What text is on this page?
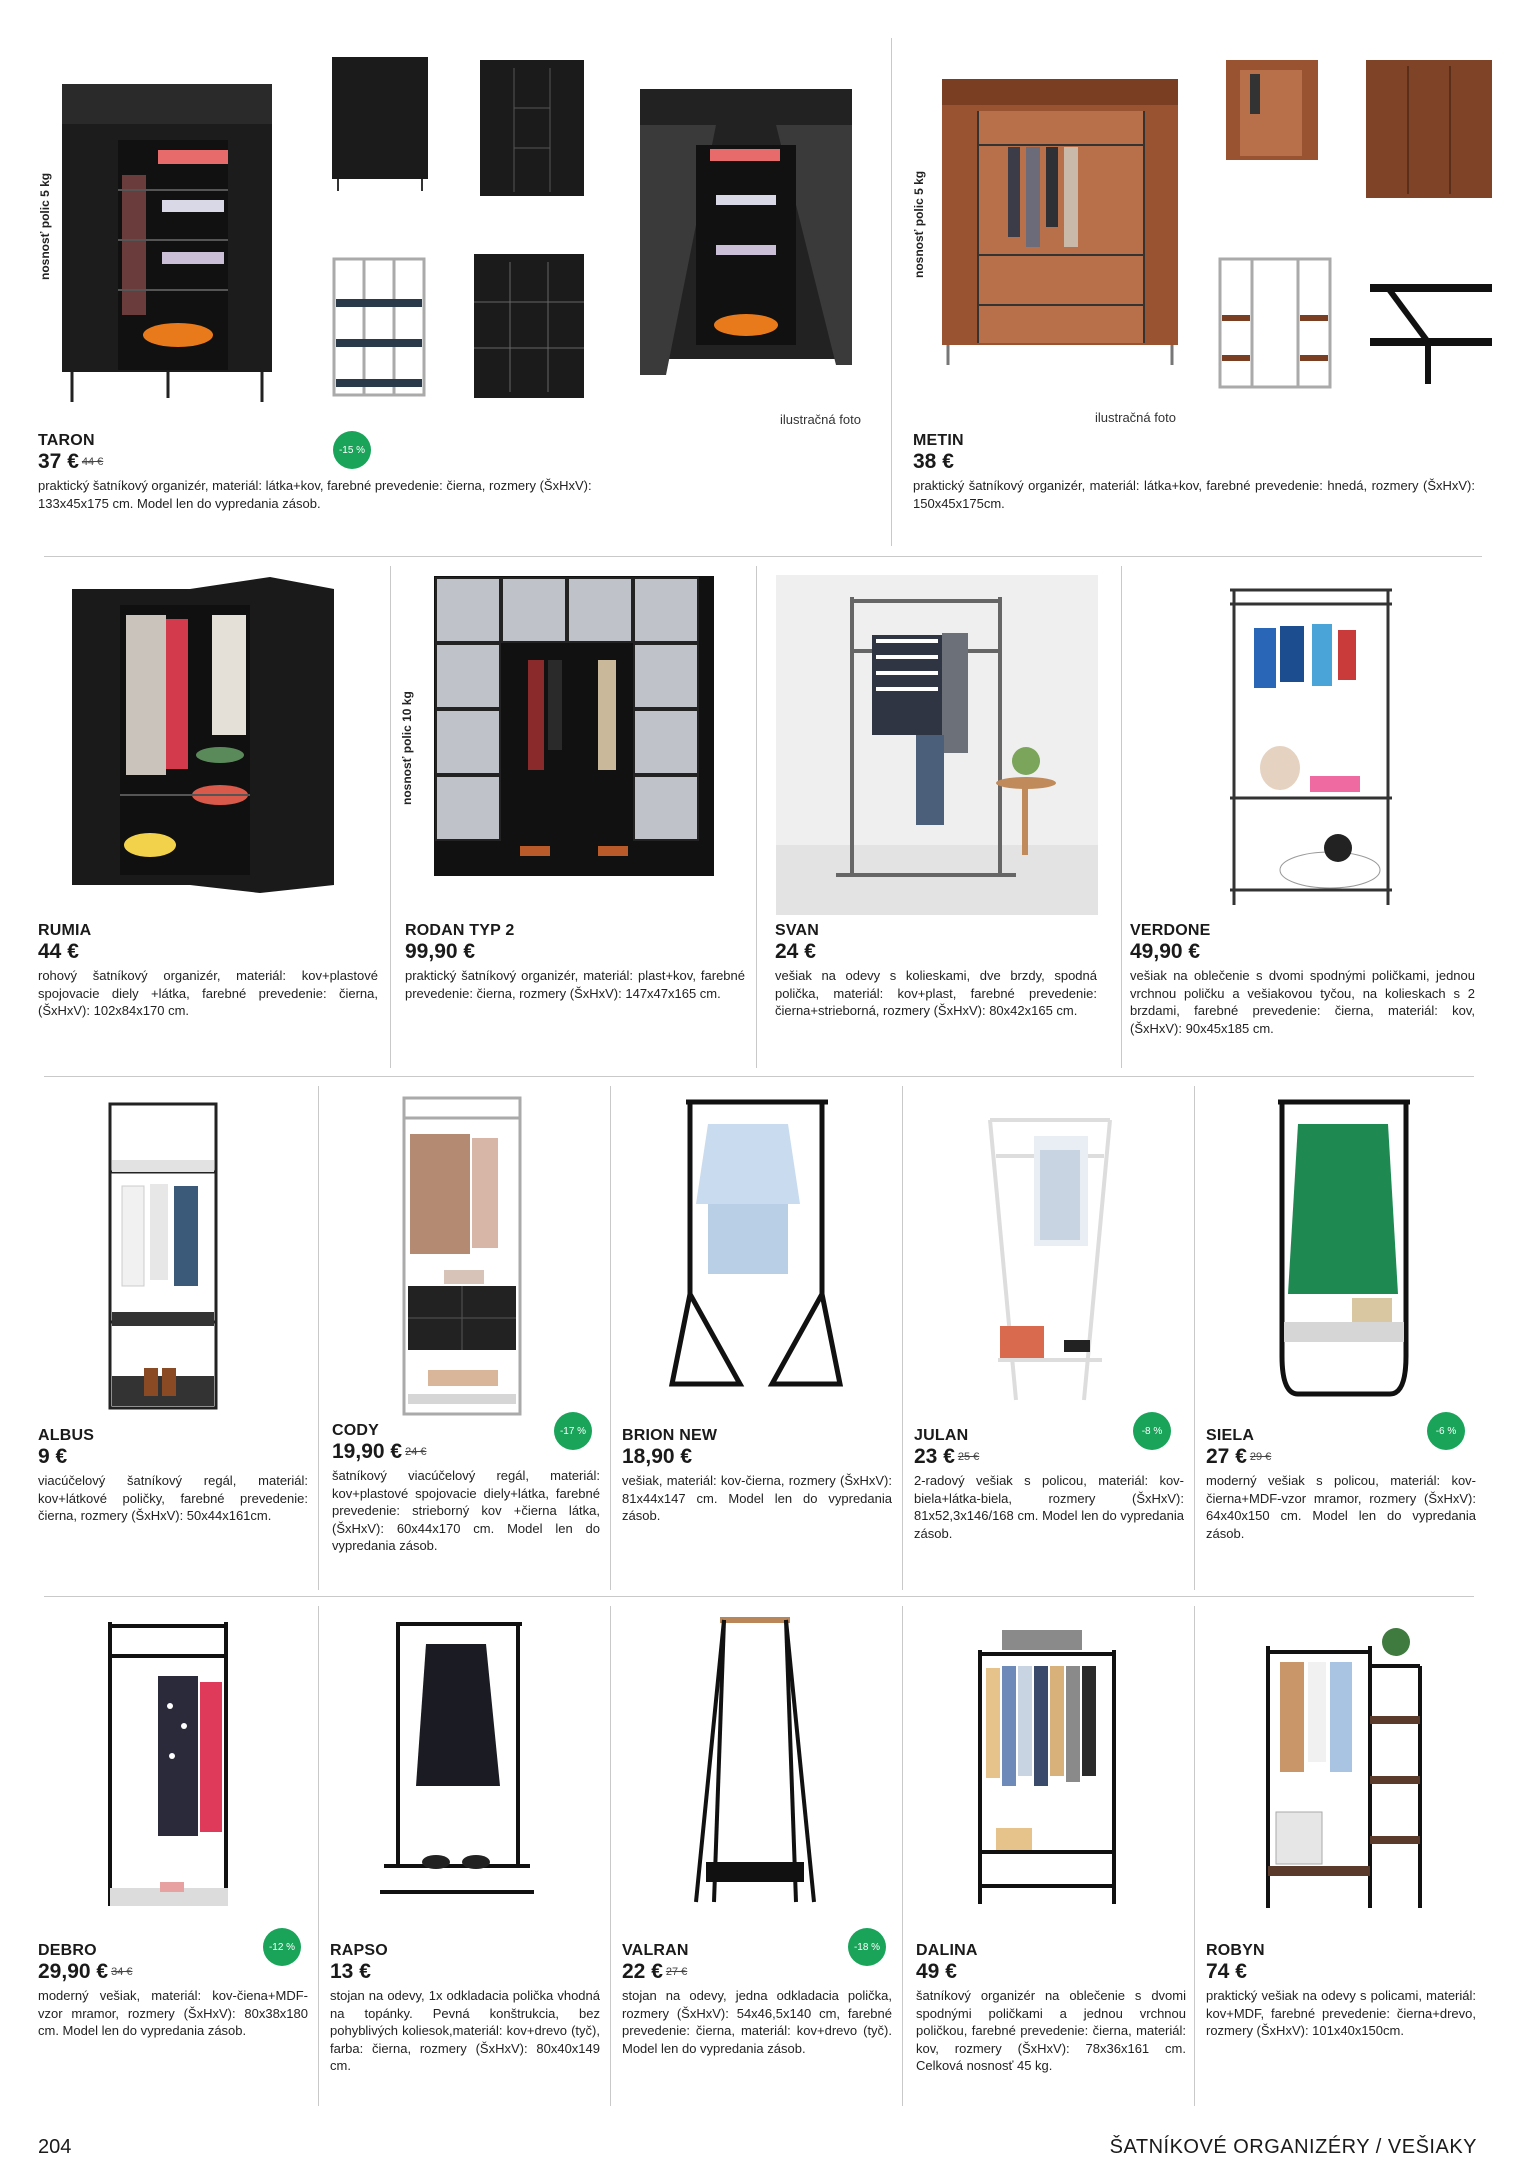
nosnosť polic 5 kg
ilustračná foto
-15 %
TARON
37 € 44 €
praktický šatníkový organizér, materiál: látka+kov, farebné prevedenie: čierna, rozmery (ŠxHxV): 133x45x175 cm. Model len do vypredania zásob.
nosnosť polic 5 kg
ilustračná foto
METIN
38 €
praktický šatníkový organizér, materiál: látka+kov, farebné prevedenie: hnedá, rozmery (ŠxHxV): 150x45x175cm.
nosnosť polic 10 kg
RUMIA
44 €
rohový šatníkový organizér, materiál: kov+plastové spojovacie diely +látka, farebné prevedenie: čierna, (ŠxHxV): 102x84x170 cm.
RODAN TYP 2
99,90 €
praktický šatníkový organizér, materiál: plast+kov, farebné prevedenie: čierna, rozmery (ŠxHxV): 147x47x165 cm.
SVAN
24 €
vešiak na odevy s kolieskami, dve brzdy, spodná polička, materiál: kov+plast, farebné prevedenie: čierna+strieborná, rozmery (ŠxHxV): 80x42x165 cm.
VERDONE
49,90 €
vešiak na oblečenie s dvomi spodnými poličkami, jednou vrchnou poličku a vešiakovou tyčou, na kolieskach s 2 brzdami, farebné prevedenie: čierna, materiál: kov, (ŠxHxV): 90x45x185 cm.
-17 %	-8 %	-6 %
ALBUS
9 €
viacúčelový šatníkový regál, materiál: kov+látkové poličky, farebné prevedenie: čierna, rozmery (ŠxHxV): 50x44x161cm.
CODY
19,90 € 24 €
šatníkový viacúčelový regál, materiál: kov+plastové spojovacie diely+látka, farebné prevedenie: strieborný kov +čierna látka, (ŠxHxV): 60x44x170 cm. Model len do vypredania zásob.
BRION NEW
18,90 €
vešiak, materiál: kov-čierna, rozmery (ŠxHxV): 81x44x147 cm. Model len do vypredania zásob.
JULAN
23 € 25 €
2-radový vešiak s policou, materiál: kov-biela+látka-biela, rozmery (ŠxHxV): 81x52,3x146/168 cm. Model len do vypredania zásob.
SIELA
27 € 29 €
moderný vešiak s policou, materiál: kov-čierna+MDF-vzor mramor, rozmery (ŠxHxV): 64x40x150 cm. Model len do vypredania zásob.
-12 %	-18 %
DEBRO
29,90 € 34 €
moderný vešiak, materiál: kov-čiena+MDF-vzor mramor, rozmery (ŠxHxV): 80x38x180 cm. Model len do vypredania zásob.
RAPSO
13 €
stojan na odevy, 1x odkladacia polička vhodná na topánky. Pevná konštrukcia, bez pohyblivých koliesok,materiál: kov+drevo (tyč), farba: čierna, rozmery (ŠxHxV): 80x40x149 cm.
VALRAN
22 € 27 €
stojan na odevy, jedna odkladacia polička, rozmery (ŠxHxV): 54x46,5x140 cm, farebné prevedenie: čierna, materiál: kov+drevo (tyč). Model len do vypredania zásob.
DALINA
49 €
šatníkový organizér na oblečenie s dvomi spodnými poličkami a jednou vrchnou poličkou, farebné prevedenie: čierna, materiál: kov, rozmery (ŠxHxV): 78x36x161 cm. Celková nosnosť 45 kg.
ROBYN
74 €
praktický vešiak na odevy s policami, materiál: kov+MDF, farebné prevedenie: čierna+drevo, rozmery (ŠxHxV): 101x40x150cm.
204	ŠATNÍKOVÉ ORGANIZÉRY / VEŠIAKY
